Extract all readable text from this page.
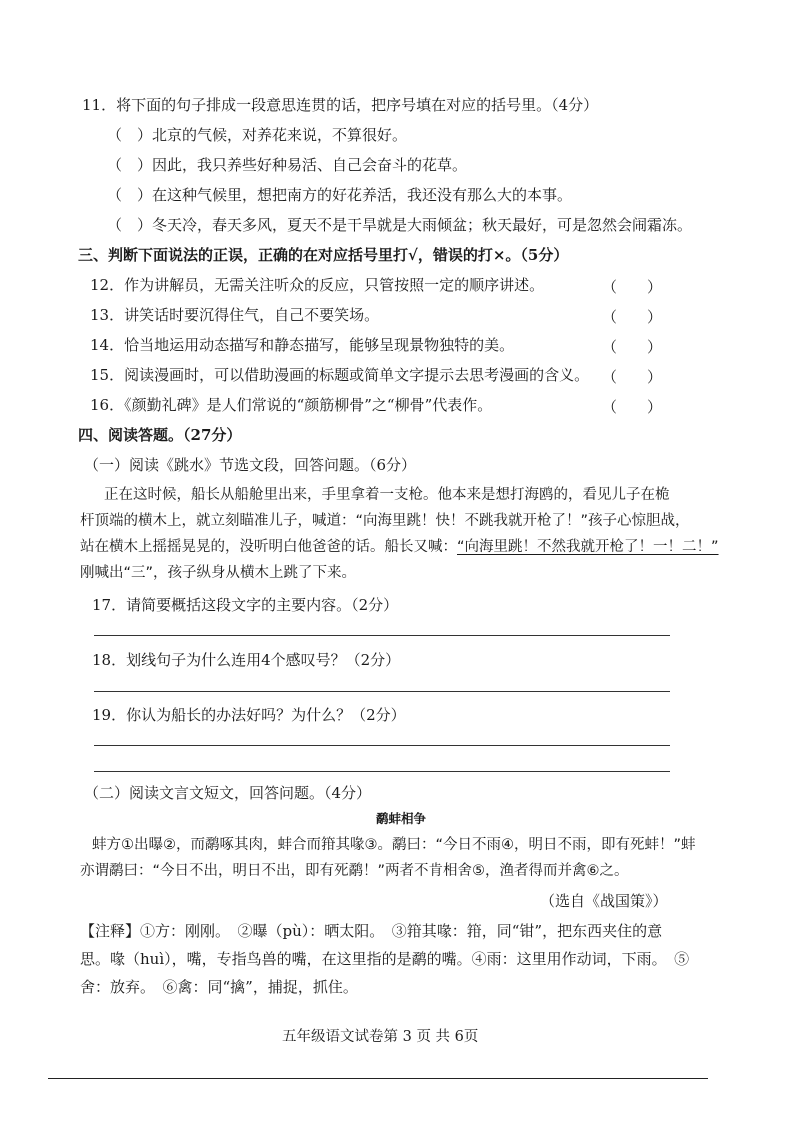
11．将下面的句子排成一段意思连贯的话，把序号填在对应的括号里。（4分）
（　）北京的气候，对养花来说，不算很好。
（　）因此，我只养些好种易活、自己会奋斗的花草。
（　）在这种气候里，想把南方的好花养活，我还没有那么大的本事。
（　）冬天冷，春天多风，夏天不是干旱就是大雨倾盆；秋天最好，可是忽然会闹霜冻。
三、判断下面说法的正误，正确的在对应括号里打√，错误的打×。（5分）
12．作为讲解员，无需关注听众的反应，只管按照一定的顺序讲述。	（　　）
13．讲笑话时要沉得住气，自己不要笑场。	（　　）
14．恰当地运用动态描写和静态描写，能够呈现景物独特的美。	（　　）
15．阅读漫画时，可以借助漫画的标题或简单文字提示去思考漫画的含义。 （　　）
16．《颜勤礼碑》是人们常说的“颜筋柳骨”之“柳骨”代表作。	（　　）
四、阅读答题。（27分）
（一）阅读《跳水》节选文段，回答问题。（6分）
正在这时候，船长从船舱里出来，手里拿着一支枪。他本来是想打海鸥的，看见儿子在桅
杆顶端的横木上，就立刻瞄准儿子，喊道：“向海里跳！快！不跳我就开枪了！”孩子心惊胆战，
站在横木上摇摇晃晃的，没听明白他爸爸的话。船长又喊：“向海里跳！不然我就开枪了！一！二！”
刚喊出“三”，孩子纵身从横木上跳了下来。
17．请简要概括这段文字的主要内容。（2分）
18．划线句子为什么连用4个感叹号？（2分）
19．你认为船长的办法好吗？为什么？（2分）
（二）阅读文言文短文，回答问题。（4分）
鹬蚌相争
蚌方①出曝②，而鹬啄其肉，蚌合而箝其喙③。鹬曰：“今日不雨④，明日不雨，即有死蚌！”蚌
亦谓鹬曰：“今日不出，明日不出，即有死鹬！”两者不肯相舍⑤，渔者得而并禽⑥之。
（选自《战国策》）
【注释】①方：刚刚。　②曝（pù）：晒太阳。　③箝其喙：箝，同“钳”，把东西夹住的意
思。喙（huì），嘴，专指鸟兽的嘴，在这里指的是鹬的嘴。④雨：这里用作动词，下雨。　⑤
舍：放弃。　⑥禽：同“擒”，捕捉，抓住。
五年级语文试卷第 3 页 共 6页
